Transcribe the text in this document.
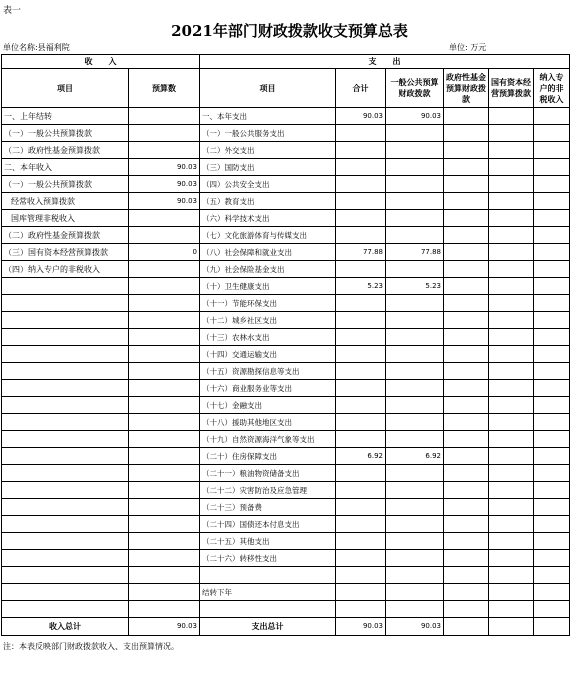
表一
2021年部门财政拨款收支预算总表
单位名称:县福利院	单位: 万元
收　　入		支　　出					
项目	预算数	项目	合计	一般公共预算财政拨款	政府性基金预算财政拨款	国有资本经营预算拨款	纳入专户的非税收入
一、上年结转		一、本年支出	90.03	90.03			
（一）一般公共预算拨款		（一）一般公共服务支出					
（二）政府性基金预算拨款		（二）外交支出					
二、本年收入	90.03	（三）国防支出					
（一）一般公共预算拨款	90.03	（四）公共安全支出					
经常收入预算拨款	90.03	（五）教育支出					
国库管理非税收入		（六）科学技术支出					
（二）政府性基金预算拨款		（七）文化旅游体育与传媒支出					
（三）国有资本经营预算拨款	0	（八）社会保障和就业支出	77.88	77.88			
（四）纳入专户的非税收入		（九）社会保险基金支出					
		（十）卫生健康支出	5.23	5.23			
		（十一）节能环保支出					
		（十二）城乡社区支出					
		（十三）农林水支出					
		（十四）交通运输支出					
		（十五）资源勘探信息等支出					
		（十六）商业服务业等支出					
		（十七）金融支出					
		（十八）援助其他地区支出					
		（十九）自然资源海洋气象等支出					
		（二十）住房保障支出	6.92	6.92			
		（二十一）粮油物资储备支出					
		（二十二）灾害防治及应急管理					
		（二十三）预备费					
		（二十四）国债还本付息支出					
		（二十五）其他支出					
		（二十六）转移性支出					

		结转下年					

收入总计	90.03	支出总计	90.03	90.03			
注：本表反映部门财政拨款收入、支出预算情况。
